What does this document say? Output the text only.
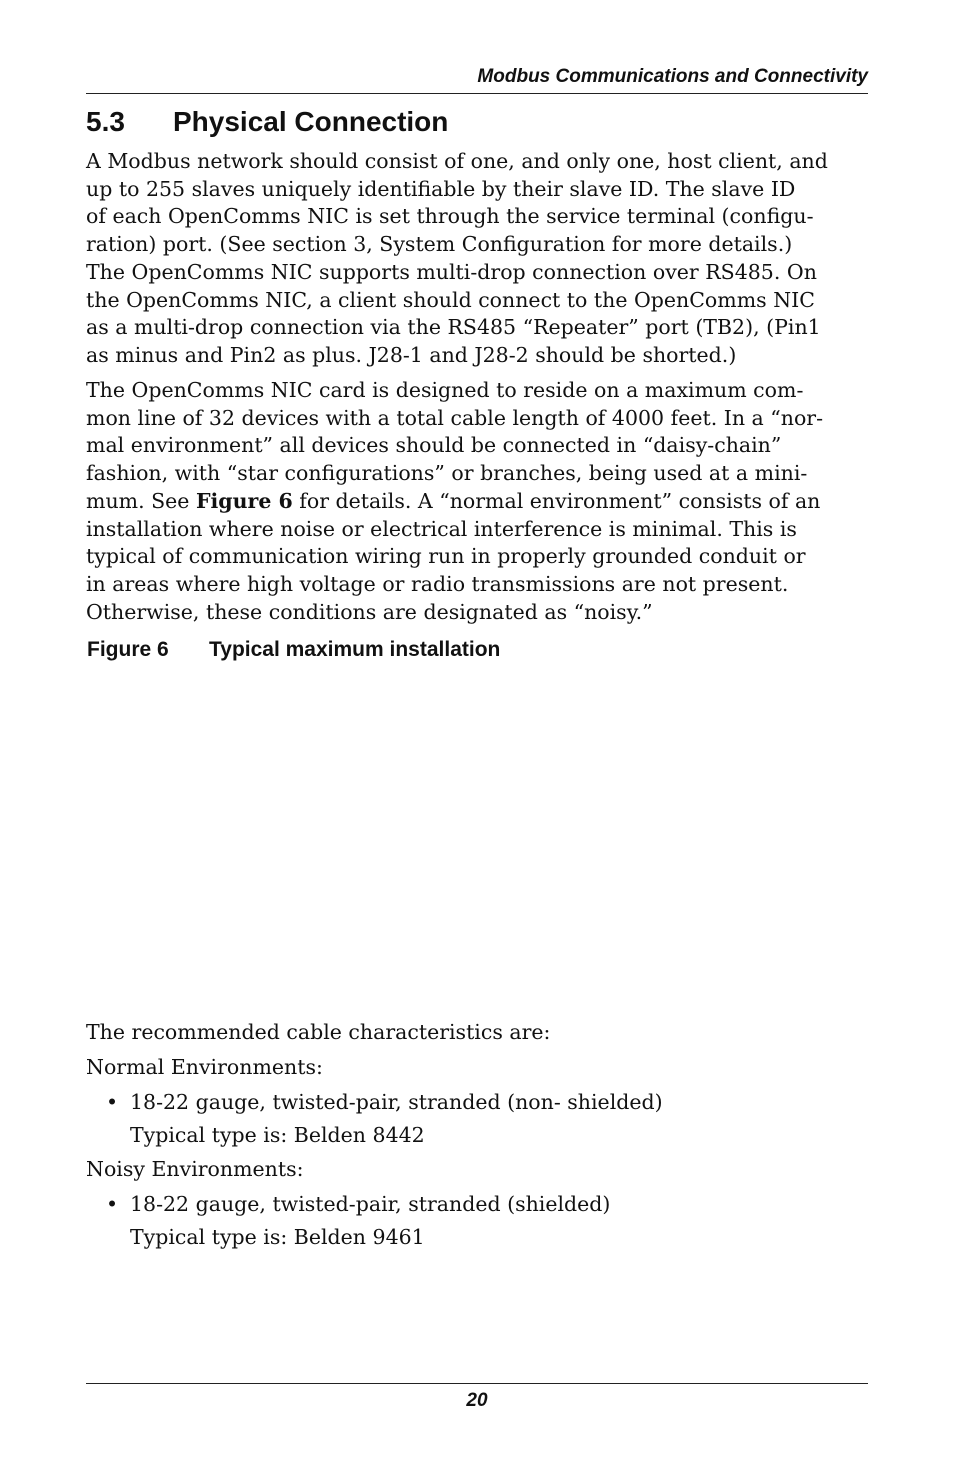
Modbus Communications and Connectivity
5.3 Physical Connection
A Modbus network should consist of one, and only one, host client, and
up to 255 slaves uniquely identifiable by their slave ID. The slave ID
of each OpenComms NIC is set through the service terminal (configu-
ration) port. (See section 3, System Configuration for more details.)
The OpenComms NIC supports multi-drop connection over RS485. On
the OpenComms NIC, a client should connect to the OpenComms NIC
as a multi-drop connection via the RS485 “Repeater” port (TB2), (Pin1
as minus and Pin2 as plus. J28-1 and J28-2 should be shorted.)
The OpenComms NIC card is designed to reside on a maximum com-
mon line of 32 devices with a total cable length of 4000 feet. In a “nor-
mal environment” all devices should be connected in “daisy-chain”
fashion, with “star configurations” or branches, being used at a mini-
mum. See Figure 6 for details. A “normal environment” consists of an
installation where noise or electrical interference is minimal. This is
typical of communication wiring run in properly grounded conduit or
in areas where high voltage or radio transmissions are not present.
Otherwise, these conditions are designated as “noisy.”
Figure 6 Typical maximum installation
The recommended cable characteristics are:
Normal Environments:
• 18-22 gauge, twisted-pair, stranded (non- shielded)
Typical type is: Belden 8442
Noisy Environments:
• 18-22 gauge, twisted-pair, stranded (shielded)
Typical type is: Belden 9461
20
